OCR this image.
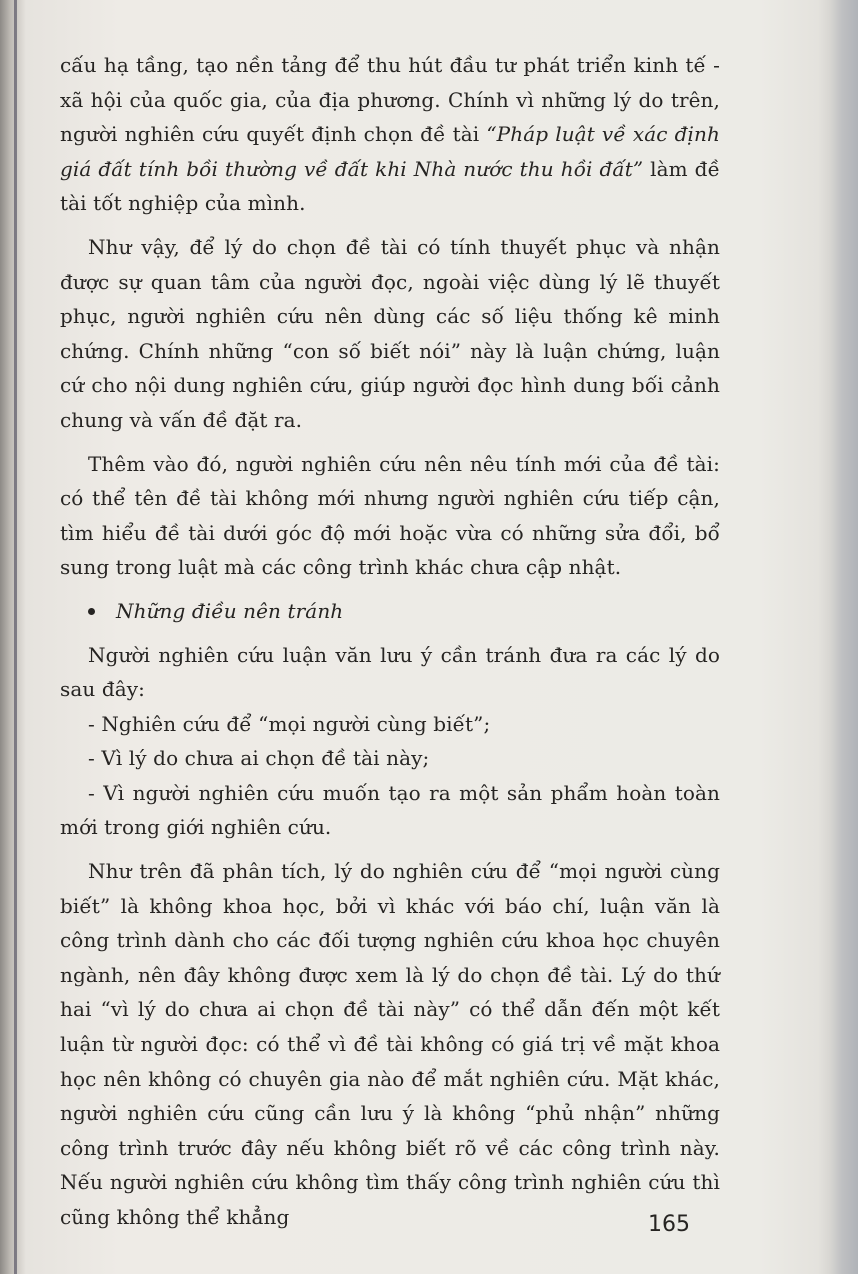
cấu hạ tầng, tạo nền tảng để thu hút đầu tư phát triển kinh tế - xã hội của quốc gia, của địa phương. Chính vì những lý do trên, người nghiên cứu quyết định chọn đề tài “Pháp luật về xác định giá đất tính bồi thường về đất khi Nhà nước thu hồi đất” làm đề tài tốt nghiệp của mình.

Như vậy, để lý do chọn đề tài có tính thuyết phục và nhận được sự quan tâm của người đọc, ngoài việc dùng lý lẽ thuyết phục, người nghiên cứu nên dùng các số liệu thống kê minh chứng. Chính những “con số biết nói” này là luận chứng, luận cứ cho nội dung nghiên cứu, giúp người đọc hình dung bối cảnh chung và vấn đề đặt ra.

Thêm vào đó, người nghiên cứu nên nêu tính mới của đề tài: có thể tên đề tài không mới nhưng người nghiên cứu tiếp cận, tìm hiểu đề tài dưới góc độ mới hoặc vừa có những sửa đổi, bổ sung trong luật mà các công trình khác chưa cập nhật.

Những điều nên tránh

Người nghiên cứu luận văn lưu ý cần tránh đưa ra các lý do sau đây:

- Nghiên cứu để “mọi người cùng biết”;

- Vì lý do chưa ai chọn đề tài này;

- Vì người nghiên cứu muốn tạo ra một sản phẩm hoàn toàn mới trong giới nghiên cứu.

Như trên đã phân tích, lý do nghiên cứu để “mọi người cùng biết” là không khoa học, bởi vì khác với báo chí, luận văn là công trình dành cho các đối tượng nghiên cứu khoa học chuyên ngành, nên đây không được xem là lý do chọn đề tài. Lý do thứ hai “vì lý do chưa ai chọn đề tài này” có thể dẫn đến một kết luận từ người đọc: có thể vì đề tài không có giá trị về mặt khoa học nên không có chuyên gia nào để mắt nghiên cứu. Mặt khác, người nghiên cứu cũng cần lưu ý là không “phủ nhận” những công trình trước đây nếu không biết rõ về các công trình này. Nếu người nghiên cứu không tìm thấy công trình nghiên cứu thì cũng không thể khẳng	165
